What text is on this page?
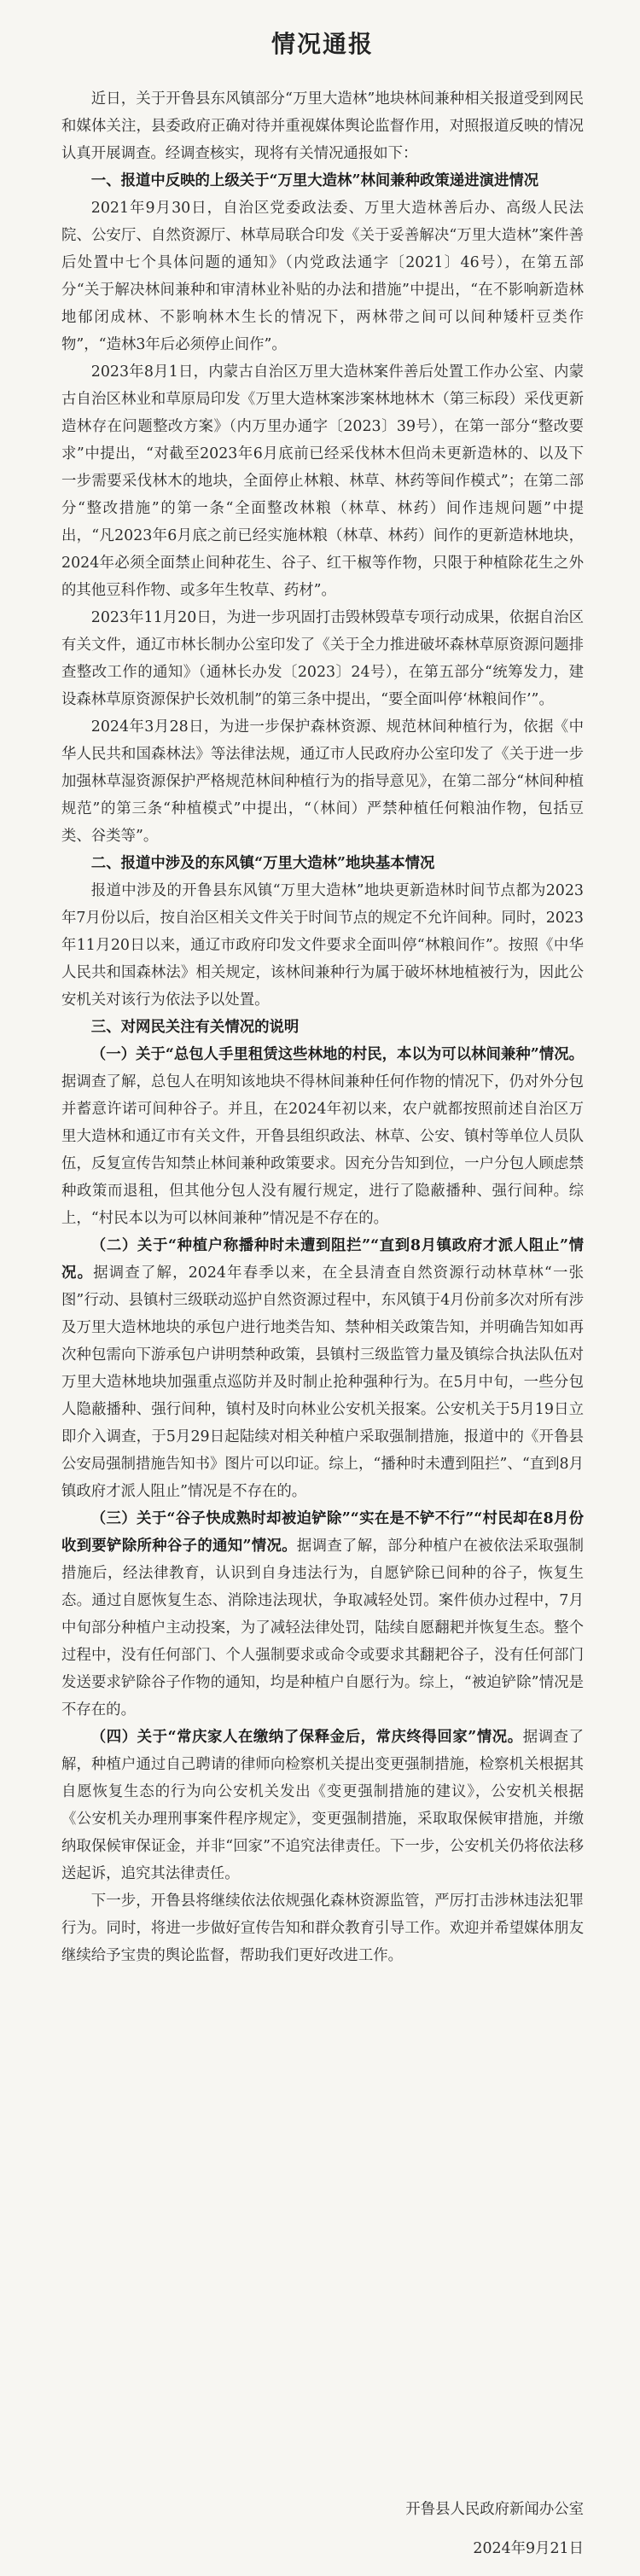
情况通报

近日，关于开鲁县东风镇部分“万里大造林”地块林间兼种相关报道受到网民和媒体关注，县委政府正确对待并重视媒体舆论监督作用，对照报道反映的情况认真开展调查。经调查核实，现将有关情况通报如下：

一、报道中反映的上级关于“万里大造林”林间兼种政策递进演进情况

2021年9月30日，自治区党委政法委、万里大造林善后办、高级人民法院、公安厅、自然资源厅、林草局联合印发《关于妥善解决“万里大造林”案件善后处置中七个具体问题的通知》（内党政法通字〔2021〕46号），在第五部分“关于解决林间兼种和审清林业补贴的办法和措施”中提出，“在不影响新造林地郁闭成林、不影响林木生长的情况下，两林带之间可以间种矮杆豆类作物”，“造林3年后必须停止间作”。

2023年8月1日，内蒙古自治区万里大造林案件善后处置工作办公室、内蒙古自治区林业和草原局印发《万里大造林案涉案林地林木（第三标段）采伐更新造林存在问题整改方案》（内万里办通字〔2023〕39号），在第一部分“整改要求”中提出，“对截至2023年6月底前已经采伐林木但尚未更新造林的、以及下一步需要采伐林木的地块，全面停止林粮、林草、林药等间作模式”；在第二部分“整改措施”的第一条“全面整改林粮（林草、林药）间作违规问题”中提出，“凡2023年6月底之前已经实施林粮（林草、林药）间作的更新造林地块，2024年必须全面禁止间种花生、谷子、红干椒等作物，只限于种植除花生之外的其他豆科作物、或多年生牧草、药材”。

2023年11月20日，为进一步巩固打击毁林毁草专项行动成果，依据自治区有关文件，通辽市林长制办公室印发了《关于全力推进破坏森林草原资源问题排查整改工作的通知》（通林长办发〔2023〕24号），在第五部分“统筹发力，建设森林草原资源保护长效机制”的第三条中提出，“要全面叫停‘林粮间作’”。

2024年3月28日，为进一步保护森林资源、规范林间种植行为，依据《中华人民共和国森林法》等法律法规，通辽市人民政府办公室印发了《关于进一步加强林草湿资源保护严格规范林间种植行为的指导意见》，在第二部分“林间种植规范”的第三条“种植模式”中提出，“（林间）严禁种植任何粮油作物，包括豆类、谷类等”。

二、报道中涉及的东风镇“万里大造林”地块基本情况

报道中涉及的开鲁县东风镇“万里大造林”地块更新造林时间节点都为2023年7月份以后，按自治区相关文件关于时间节点的规定不允许间种。同时，2023年11月20日以来，通辽市政府印发文件要求全面叫停“林粮间作”。按照《中华人民共和国森林法》相关规定，该林间兼种行为属于破坏林地植被行为，因此公安机关对该行为依法予以处置。

三、对网民关注有关情况的说明

（一）关于“总包人手里租赁这些林地的村民，本以为可以林间兼种”情况。据调查了解，总包人在明知该地块不得林间兼种任何作物的情况下，仍对外分包并蓄意许诺可间种谷子。并且，在2024年初以来，农户就都按照前述自治区万里大造林和通辽市有关文件，开鲁县组织政法、林草、公安、镇村等单位人员队伍，反复宣传告知禁止林间兼种政策要求。因充分告知到位，一户分包人顾虑禁种政策而退租，但其他分包人没有履行规定，进行了隐蔽播种、强行间种。综上，“村民本以为可以林间兼种”情况是不存在的。

（二）关于“种植户称播种时未遭到阻拦”“直到8月镇政府才派人阻止”情况。据调查了解，2024年春季以来，在全县清查自然资源行动林草林“一张图”行动、县镇村三级联动巡护自然资源过程中，东风镇于4月份前多次对所有涉及万里大造林地块的承包户进行地类告知、禁种相关政策告知，并明确告知如再次种包需向下游承包户讲明禁种政策，县镇村三级监管力量及镇综合执法队伍对万里大造林地块加强重点巡防并及时制止抢种强种行为。在5月中旬，一些分包人隐蔽播种、强行间种，镇村及时向林业公安机关报案。公安机关于5月19日立即介入调查，于5月29日起陆续对相关种植户采取强制措施，报道中的《开鲁县公安局强制措施告知书》图片可以印证。综上，“播种时未遭到阻拦”、“直到8月镇政府才派人阻止”情况是不存在的。

（三）关于“谷子快成熟时却被迫铲除”“实在是不铲不行”“村民却在8月份收到要铲除所种谷子的通知”情况。据调查了解，部分种植户在被依法采取强制措施后，经法律教育，认识到自身违法行为，自愿铲除已间种的谷子，恢复生态。通过自愿恢复生态、消除违法现状，争取减轻处罚。案件侦办过程中，7月中旬部分种植户主动投案，为了减轻法律处罚，陆续自愿翻耙并恢复生态。整个过程中，没有任何部门、个人强制要求或命令或要求其翻耙谷子，没有任何部门发送要求铲除谷子作物的通知，均是种植户自愿行为。综上，“被迫铲除”情况是不存在的。

（四）关于“常庆家人在缴纳了保释金后，常庆终得回家”情况。据调查了解，种植户通过自己聘请的律师向检察机关提出变更强制措施，检察机关根据其自愿恢复生态的行为向公安机关发出《变更强制措施的建议》，公安机关根据《公安机关办理刑事案件程序规定》，变更强制措施，采取取保候审措施，并缴纳取保候审保证金，并非“回家”不追究法律责任。下一步，公安机关仍将依法移送起诉，追究其法律责任。

下一步，开鲁县将继续依法依规强化森林资源监管，严厉打击涉林违法犯罪行为。同时，将进一步做好宣传告知和群众教育引导工作。欢迎并希望媒体朋友继续给予宝贵的舆论监督，帮助我们更好改进工作。

开鲁县人民政府新闻办公室
2024年9月21日
